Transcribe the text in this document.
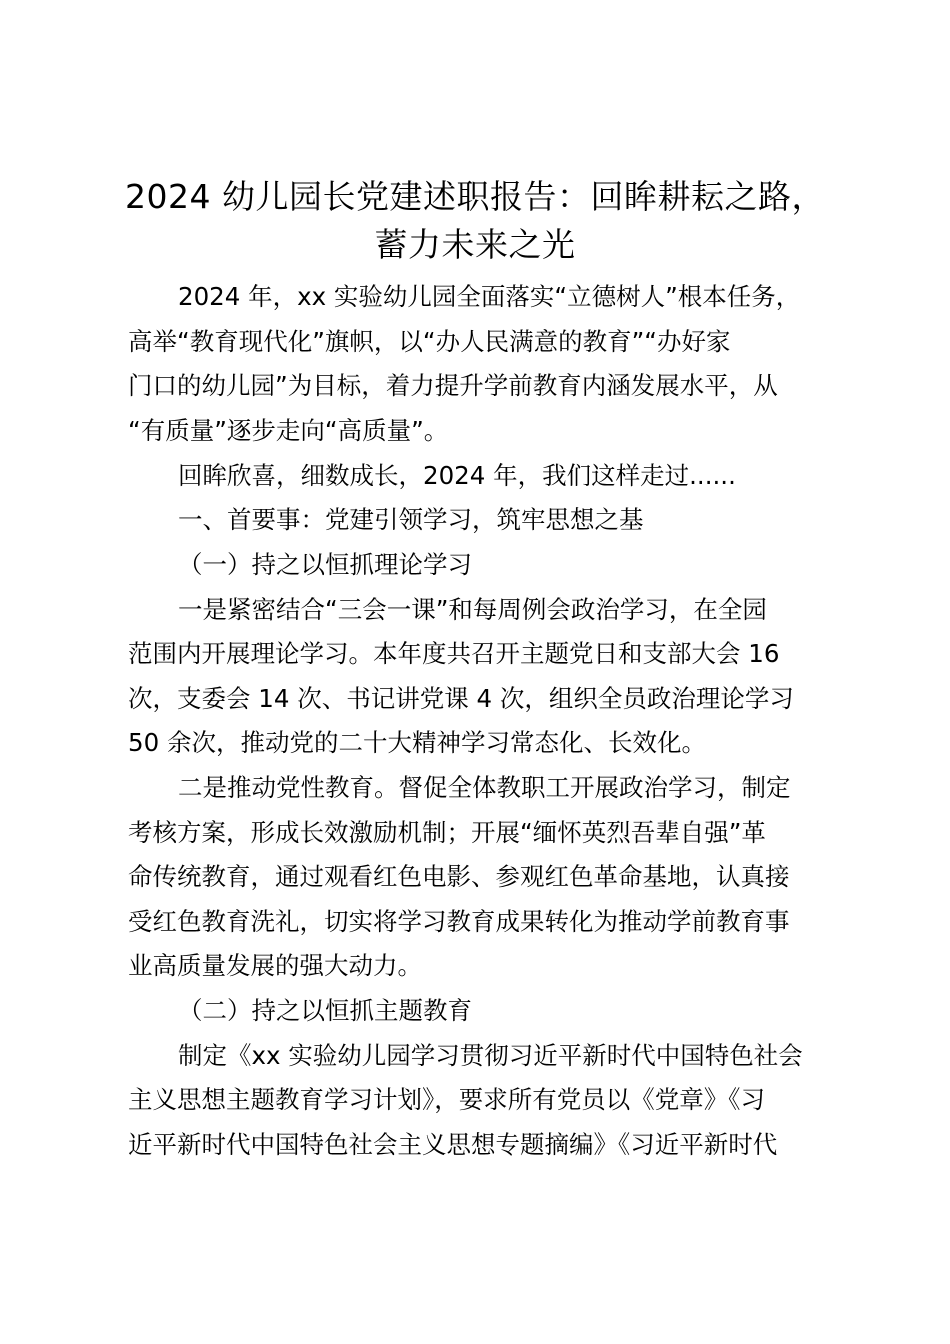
2024 幼儿园长党建述职报告：回眸耕耘之路，
蓄力未来之光

2024 年，xx 实验幼儿园全面落实“立德树人”根本任务，

高举“教育现代化”旗帜，以“办人民满意的教育”“办好家

门口的幼儿园”为目标，着力提升学前教育内涵发展水平，从

“有质量”逐步走向“高质量”。

回眸欣喜，细数成长，2024 年，我们这样走过......

一、首要事：党建引领学习，筑牢思想之基

（一）持之以恒抓理论学习

一是紧密结合“三会一课”和每周例会政治学习，在全园

范围内开展理论学习。本年度共召开主题党日和支部大会 16

次，支委会 14 次、书记讲党课 4 次，组织全员政治理论学习

50 余次，推动党的二十大精神学习常态化、长效化。

二是推动党性教育。督促全体教职工开展政治学习，制定

考核方案，形成长效激励机制；开展“缅怀英烈吾辈自强”革

命传统教育，通过观看红色电影、参观红色革命基地，认真接

受红色教育洗礼，切实将学习教育成果转化为推动学前教育事

业高质量发展的强大动力。

（二）持之以恒抓主题教育

制定《xx 实验幼儿园学习贯彻习近平新时代中国特色社会

主义思想主题教育学习计划》，要求所有党员以《党章》《习

近平新时代中国特色社会主义思想专题摘编》《习近平新时代
